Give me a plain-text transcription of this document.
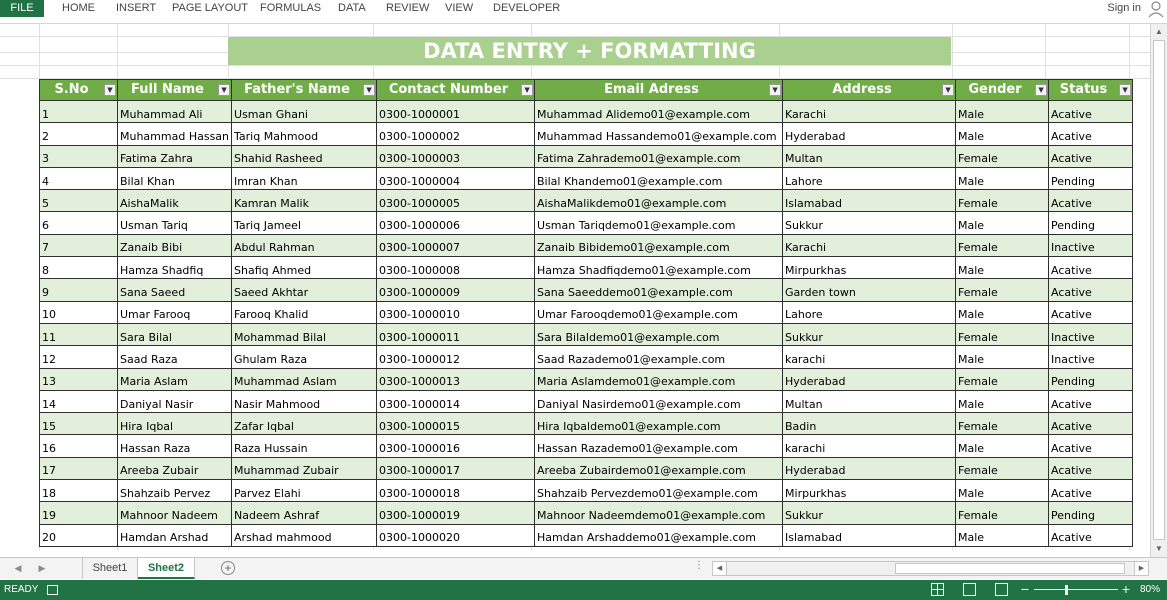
FILE	HOME INSERT PAGE LAYOUT FORMULAS DATA REVIEW VIEW DEVELOPER	Sign in
DATA ENTRY + FORMATTING
S.No ▼	Full Name ▼	Father's Name ▼	Contact Number ▼	Email Adress ▼	Address ▼	Gender ▼	Status ▼

1	Muhammad Ali	Usman Ghani	0300-1000001	Muhammad Alidemo01@example.com	Karachi	Male	Acative
2	Muhammad Hassan	Tariq Mahmood	0300-1000002	Muhammad Hassandemo01@example.com	Hyderabad	Male	Acative
3	Fatima Zahra	Shahid Rasheed	0300-1000003	Fatima Zahrademo01@example.com	Multan	Female	Acative
4	Bilal Khan	Imran Khan	0300-1000004	Bilal Khandemo01@example.com	Lahore	Male	Pending
5	AishaMalik	Kamran Malik	0300-1000005	AishaMalikdemo01@example.com	Islamabad	Female	Acative
6	Usman Tariq	Tariq Jameel	0300-1000006	Usman Tariqdemo01@example.com	Sukkur	Male	Pending
7	Zanaib Bibi	Abdul Rahman	0300-1000007	Zanaib Bibidemo01@example.com	Karachi	Female	Inactive
8	Hamza Shadfiq	Shafiq Ahmed	0300-1000008	Hamza Shadfiqdemo01@example.com	Mirpurkhas	Male	Acative
9	Sana Saeed	Saeed Akhtar	0300-1000009	Sana Saeeddemo01@example.com	Garden town	Female	Acative
10	Umar Farooq	Farooq Khalid	0300-1000010	Umar Farooqdemo01@example.com	Lahore	Male	Acative
11	Sara Bilal	Mohammad Bilal	0300-1000011	Sara Bilaldemo01@example.com	Sukkur	Female	Inactive
12	Saad Raza	Ghulam Raza	0300-1000012	Saad Razademo01@example.com	karachi	Male	Inactive
13	Maria Aslam	Muhammad Aslam	0300-1000013	Maria Aslamdemo01@example.com	Hyderabad	Female	Pending
14	Daniyal Nasir	Nasir Mahmood	0300-1000014	Daniyal Nasirdemo01@example.com	Multan	Male	Acative
15	Hira Iqbal	Zafar Iqbal	0300-1000015	Hira Iqbaldemo01@example.com	Badin	Female	Acative
16	Hassan Raza	Raza Hussain	0300-1000016	Hassan Razademo01@example.com	karachi	Male	Acative
17	Areeba Zubair	Muhammad Zubair	0300-1000017	Areeba Zubairdemo01@example.com	Hyderabad	Female	Acative
18	Shahzaib Pervez	Parvez Elahi	0300-1000018	Shahzaib Pervezdemo01@example.com	Mirpurkhas	Male	Acative
19	Mahnoor Nadeem	Nadeem Ashraf	0300-1000019	Mahnoor Nadeemdemo01@example.com	Sukkur	Female	Pending
20	Hamdan Arshad	Arshad mahmood	0300-1000020	Hamdan Arshaddemo01@example.com	Islamabad	Male	Acative
▲
▼
◀	▶	Sheet1	Sheet2	+	⋮	◀	▶
READY	−	+ 80%
